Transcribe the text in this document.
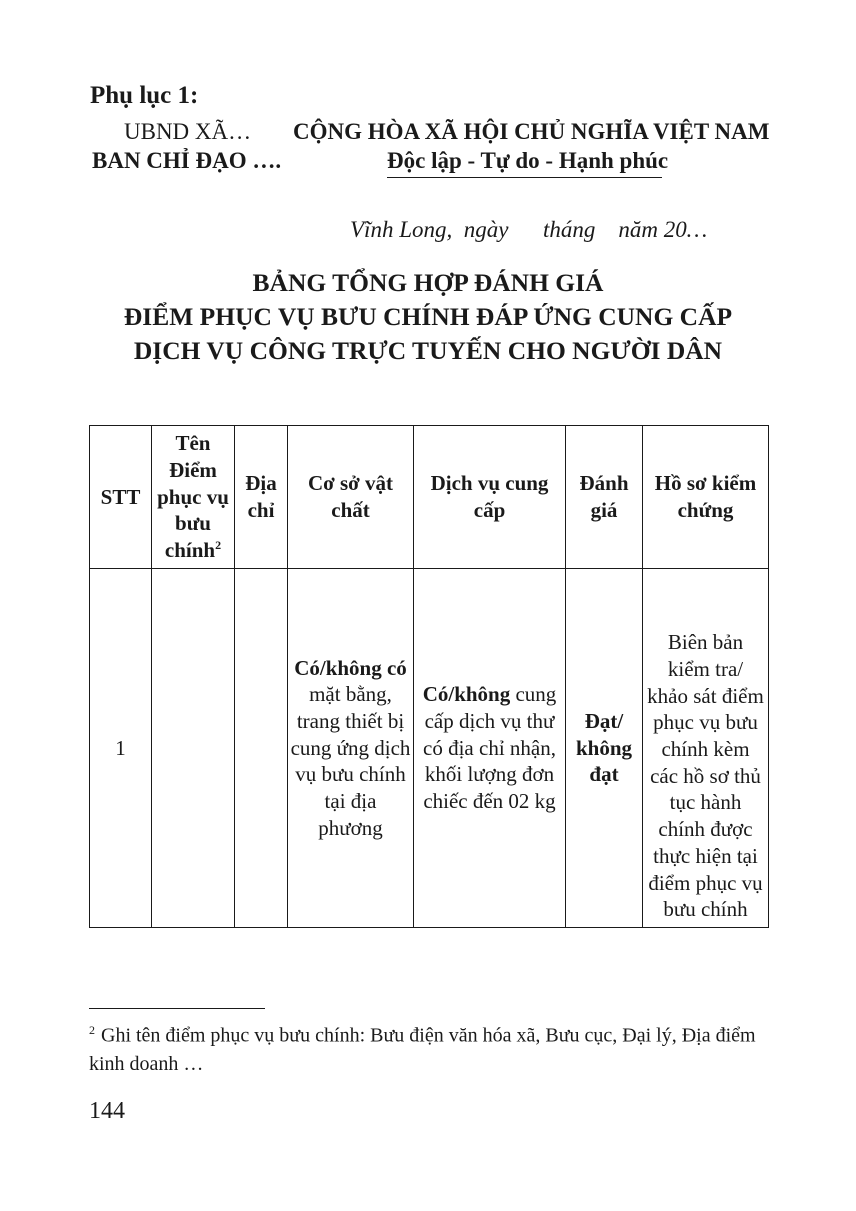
Phụ lục 1:
UBND XÃ…
BAN CHỈ ĐẠO ….
CỘNG HÒA XÃ HỘI CHỦ NGHĨA VIỆT NAM
Độc lập - Tự do - Hạnh phúc
Vĩnh Long,  ngày      tháng    năm 20…
BẢNG TỔNG HỢP ĐÁNH GIÁ
ĐIỂM PHỤC VỤ BƯU CHÍNH ĐÁP ỨNG CUNG CẤP
DỊCH VỤ CÔNG TRỰC TUYẾN CHO NGƯỜI DÂN
STT	Tên Điểm phục vụ bưu chính$^2$	Địa chỉ	Cơ sở vật chất	Dịch vụ cung cấp	Đánh giá	Hồ sơ kiểm chứng
1			Có/không có mặt bằng, trang thiết bị cung ứng dịch vụ bưu chính tại địa phương	Có/không cung cấp dịch vụ thư có địa chỉ nhận, khối lượng đơn chiếc đến 02 kg	Đạt/ không đạt	Biên bản kiểm tra/ khảo sát điểm phục vụ bưu chính kèm các hồ sơ thủ tục hành chính được thực hiện tại điểm phục vụ bưu chính
$^2$ Ghi tên điểm phục vụ bưu chính: Bưu điện văn hóa xã, Bưu cục, Đại lý, Địa điểm kinh doanh …
144
